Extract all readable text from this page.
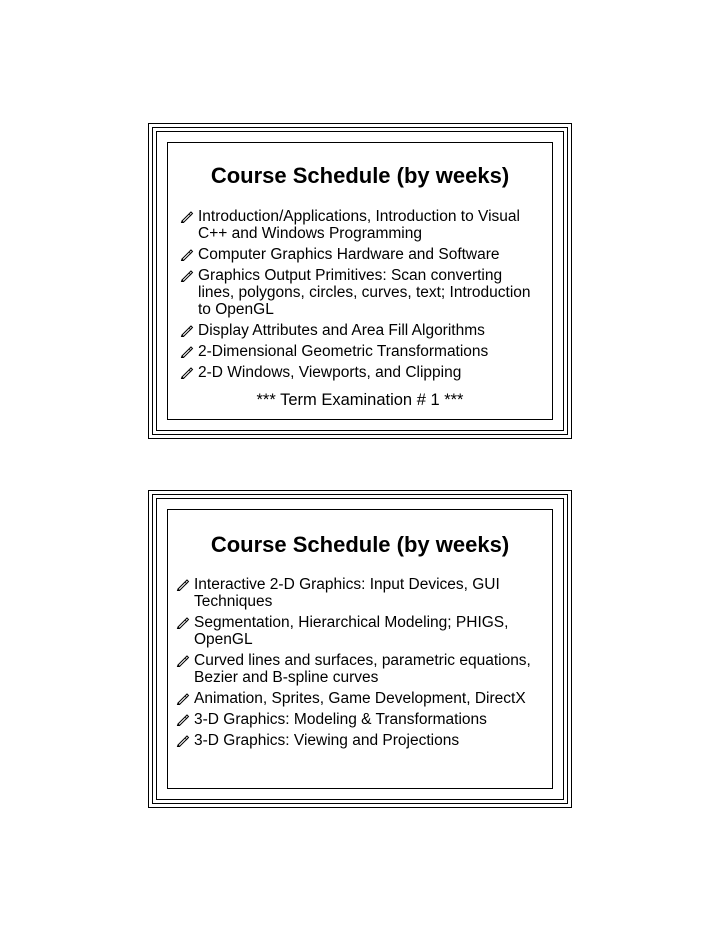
Course Schedule (by weeks)
Introduction/Applications, Introduction to Visual C++ and Windows Programming
Computer Graphics Hardware and Software
Graphics Output Primitives: Scan converting lines, polygons, circles, curves, text; Introduction to OpenGL
Display Attributes and Area Fill Algorithms
2-Dimensional Geometric Transformations
2-D Windows, Viewports, and Clipping
*** Term Examination # 1 ***
Course Schedule (by weeks)
Interactive 2-D Graphics: Input Devices, GUI Techniques
Segmentation, Hierarchical Modeling; PHIGS, OpenGL
Curved lines and surfaces, parametric equations, Bezier and B-spline curves
Animation, Sprites, Game Development, DirectX
3-D Graphics: Modeling & Transformations
3-D Graphics: Viewing and Projections
